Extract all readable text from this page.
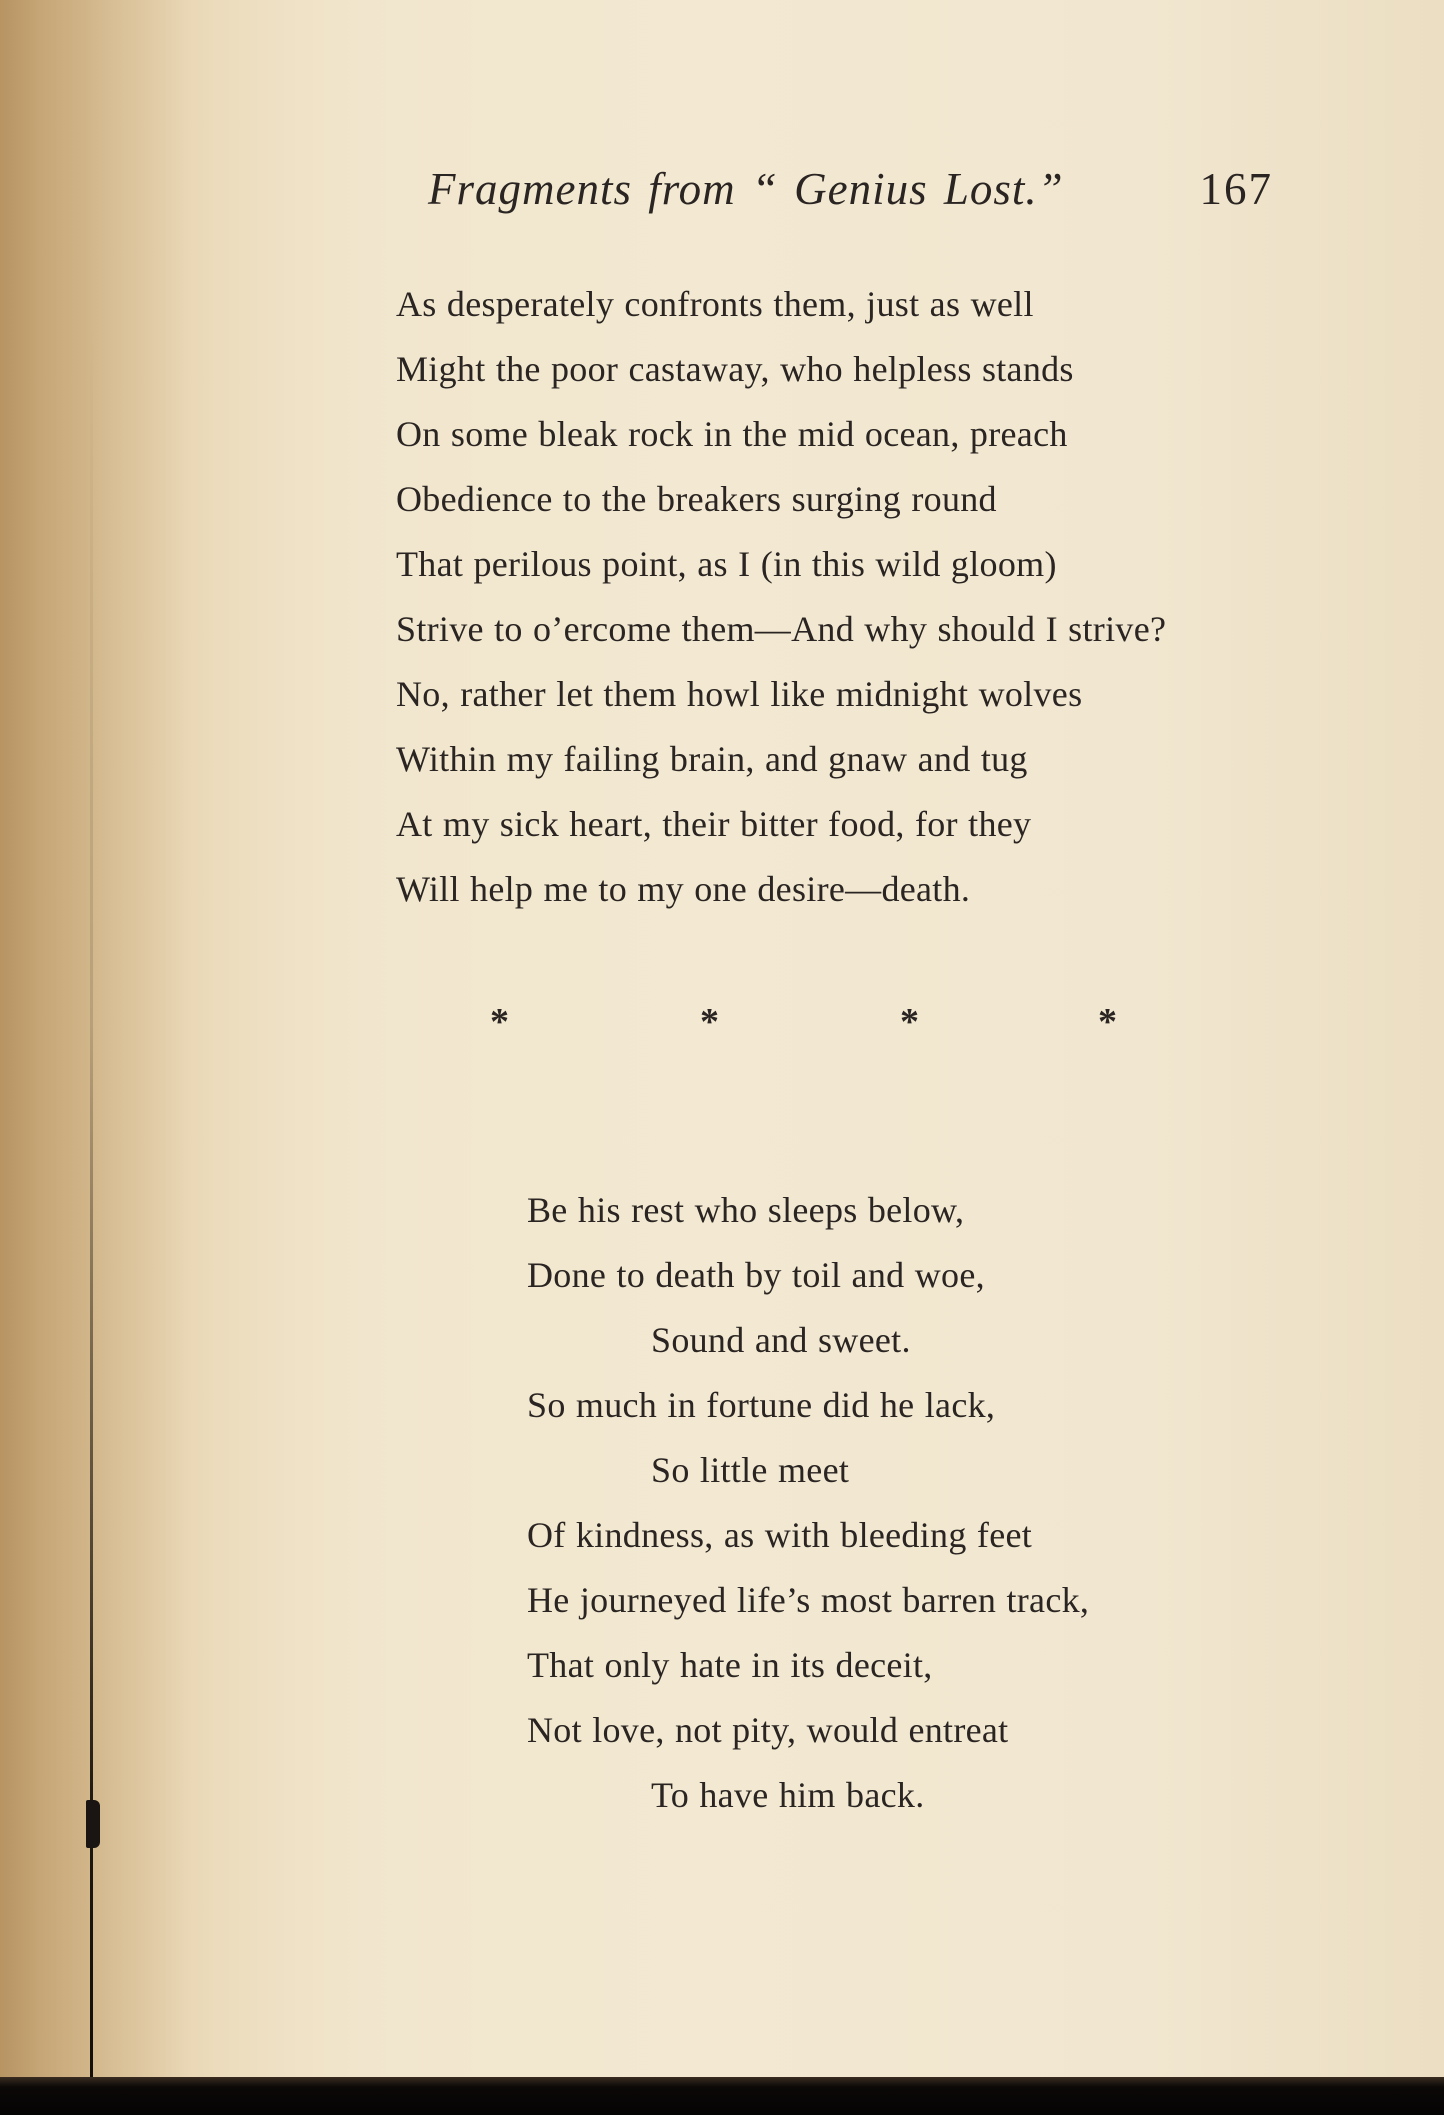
Fragments from “ Genius Lost.”	167
As desperately confronts them, just as well
Might the poor castaway, who helpless stands
On some bleak rock in the mid ocean, preach
Obedience to the breakers surging round
That perilous point, as I (in this wild gloom)
Strive to o’ercome them—And why should I strive?
No, rather let them howl like midnight wolves
Within my failing brain, and gnaw and tug
At my sick heart, their bitter food, for they
Will help me to my one desire—death.
*	*	*	*
Be his rest who sleeps below,
Done to death by toil and woe,
Sound and sweet.
So much in fortune did he lack,
So little meet
Of kindness, as with bleeding feet
He journeyed life’s most barren track,
That only hate in its deceit,
Not love, not pity, would entreat
To have him back.
